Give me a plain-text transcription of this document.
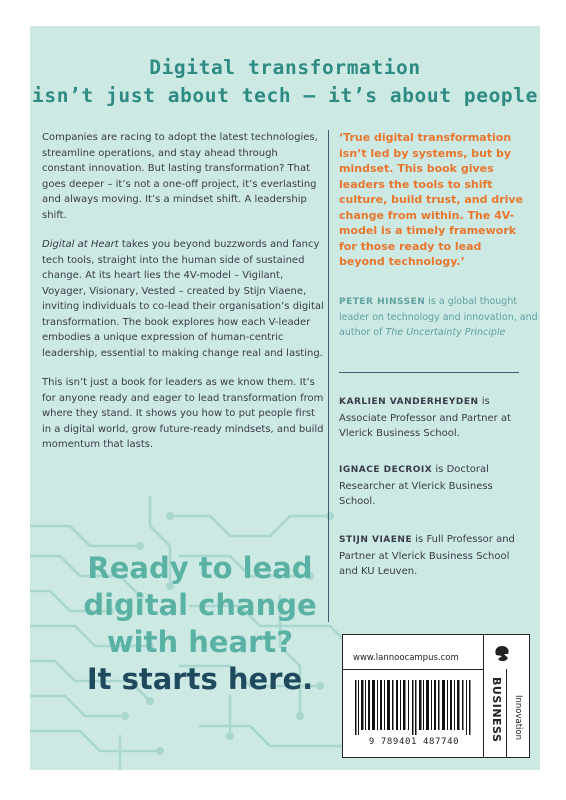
Digital transformation
isn’t just about tech – it’s about people

Companies are racing to adopt the latest technologies, streamline operations, and stay ahead through constant innovation. But lasting transformation? That goes deeper – it’s not a one-off project, it’s everlasting and always moving. It’s a mindset shift. A leadership shift.

Digital at Heart takes you beyond buzzwords and fancy tech tools, straight into the human side of sustained change. At its heart lies the 4V-model – Vigilant, Voyager, Visionary, Vested – created by Stijn Viaene, inviting individuals to co-lead their organisation’s digital transformation. The book explores how each V-leader embodies a unique expression of human-centric leadership, essential to making change real and lasting.

This isn’t just a book for leaders as we know them. It’s for anyone ready and eager to lead transformation from where they stand. It shows you how to put people first in a digital world, grow future-ready mindsets, and build momentum that lasts.

‘True digital transformation isn’t led by systems, but by mindset. This book gives leaders the tools to shift culture, build trust, and drive change from within. The 4V-model is a timely framework for those ready to lead beyond technology.’
PETER HINSSEN is a global thought leader on technology and innovation, and author of The Uncertainty Principle
KARLIEN VANDERHEYDEN is Associate Professor and Partner at Vlerick Business School.
IGNACE DECROIX is Doctoral Researcher at Vlerick Business School.
STIJN VIAENE is Full Professor and Partner at Vlerick Business School and KU Leuven.
Ready to lead
digital change
with heart?
It starts here.
www.lannoocampus.com
9 789401 487740	BUSINESS Innovation
